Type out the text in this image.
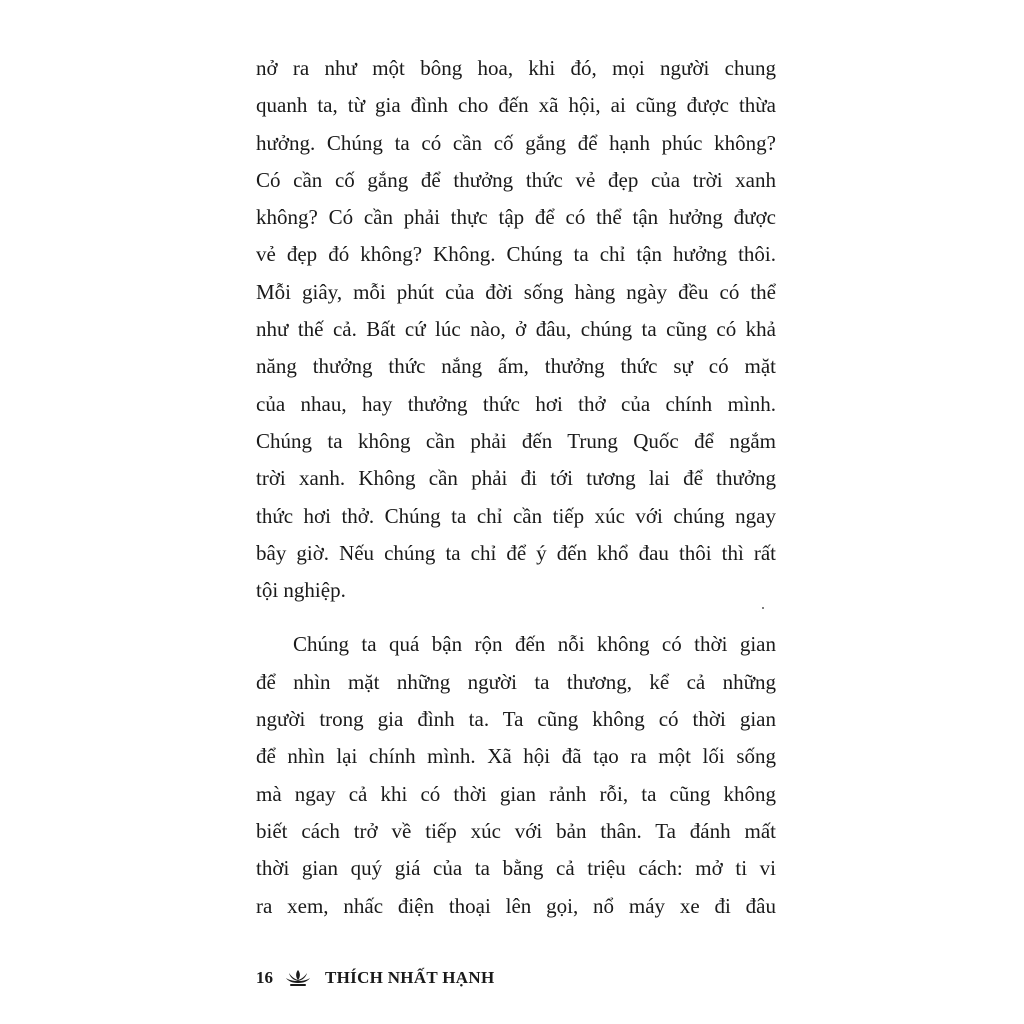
nở ra như một bông hoa, khi đó, mọi người chung
quanh ta, từ gia đình cho đến xã hội, ai cũng được thừa
hưởng. Chúng ta có cần cố gắng để hạnh phúc không?
Có cần cố gắng để thưởng thức vẻ đẹp của trời xanh
không? Có cần phải thực tập để có thể tận hưởng được
vẻ đẹp đó không? Không. Chúng ta chỉ tận hưởng thôi.
Mỗi giây, mỗi phút của đời sống hàng ngày đều có thể
như thế cả. Bất cứ lúc nào, ở đâu, chúng ta cũng có khả
năng thưởng thức nắng ấm, thưởng thức sự có mặt
của nhau, hay thưởng thức hơi thở của chính mình.
Chúng ta không cần phải đến Trung Quốc để ngắm
trời xanh. Không cần phải đi tới tương lai để thưởng
thức hơi thở. Chúng ta chỉ cần tiếp xúc với chúng ngay
bây giờ. Nếu chúng ta chỉ để ý đến khổ đau thôi thì rất
tội nghiệp.
Chúng ta quá bận rộn đến nỗi không có thời gian
để nhìn mặt những người ta thương, kể cả những
người trong gia đình ta. Ta cũng không có thời gian
để nhìn lại chính mình. Xã hội đã tạo ra một lối sống
mà ngay cả khi có thời gian rảnh rỗi, ta cũng không
biết cách trở về tiếp xúc với bản thân. Ta đánh mất
thời gian quý giá của ta bằng cả triệu cách: mở ti vi
ra xem, nhấc điện thoại lên gọi, nổ máy xe đi đâu
16	THÍCH NHẤT HẠNH
